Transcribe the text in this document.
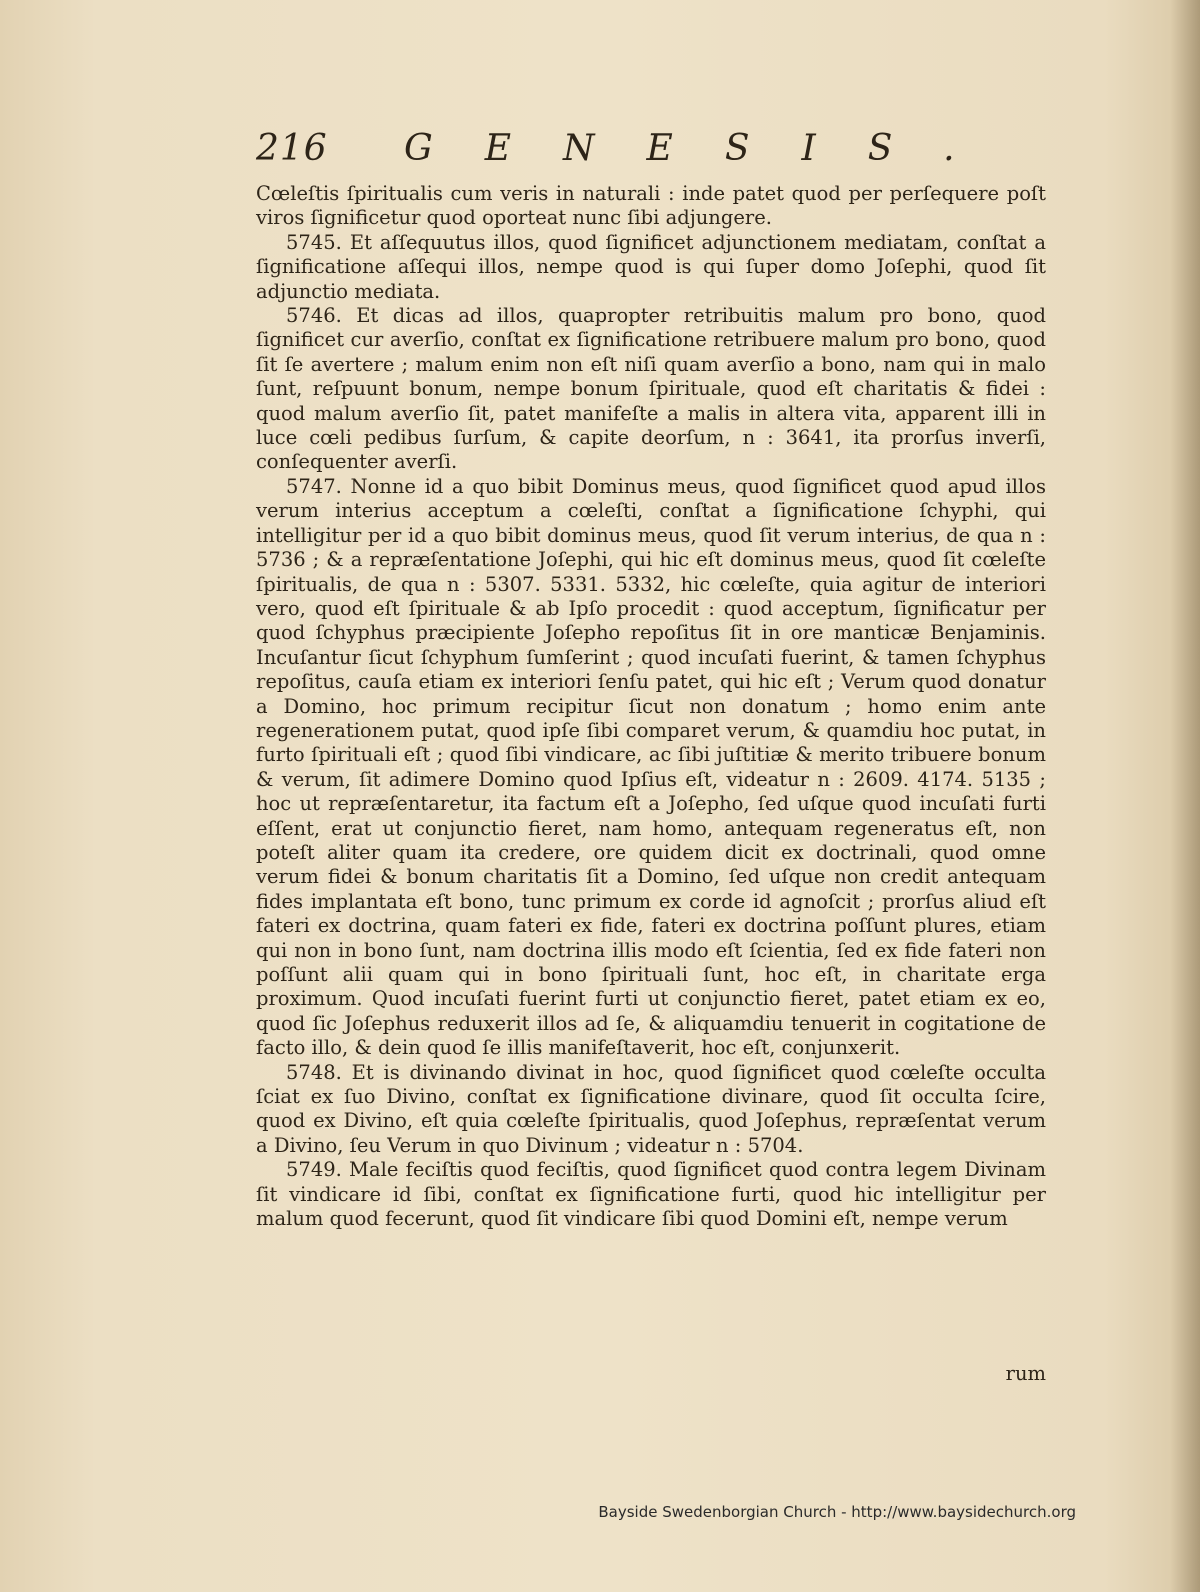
216 GENESIS.

Cœleſtis ſpiritualis cum veris in naturali : inde patet quod per perſequere poſt viros ſignificetur quod oporteat nunc ſibi adjungere.

5745. Et aſſequutus illos, quod ſignificet adjunctionem mediatam, conſtat a ſignificatione aſſequi illos, nempe quod is qui ſuper domo Joſephi, quod ſit adjunctio mediata.

5746. Et dicas ad illos, quapropter retribuitis malum pro bono, quod ſignificet cur averſio, conſtat ex ſignificatione retribuere malum pro bono, quod ſit ſe avertere ; malum enim non eſt niſi quam averſio a bono, nam qui in malo ſunt, reſpuunt bonum, nempe bonum ſpirituale, quod eſt charitatis & fidei : quod malum averſio ſit, patet manifeſte a malis in altera vita, apparent illi in luce cœli pedibus ſurſum, & capite deorſum, n : 3641, ita prorſus inverſi, conſequenter averſi.

5747. Nonne id a quo bibit Dominus meus, quod ſignificet quod apud illos verum interius acceptum a cœleſti, conſtat a ſignificatione ſchyphi, qui intelligitur per id a quo bibit dominus meus, quod ſit verum interius, de qua n : 5736 ; & a repræſentatione Joſephi, qui hic eſt dominus meus, quod ſit cœleſte ſpiritualis, de qua n : 5307. 5331. 5332, hic cœleſte, quia agitur de interiori vero, quod eſt ſpirituale & ab Ipſo procedit : quod acceptum, ſignificatur per quod ſchyphus præcipiente Joſepho repoſitus ſit in ore manticæ Benjaminis. Incuſantur ſicut ſchyphum ſumſerint ; quod incuſati fuerint, & tamen ſchyphus repoſitus, cauſa etiam ex interiori ſenſu patet, qui hic eſt ; Verum quod donatur a Domino, hoc primum recipitur ſicut non donatum ; homo enim ante regenerationem putat, quod ipſe ſibi comparet verum, & quamdiu hoc putat, in furto ſpirituali eſt ; quod ſibi vindicare, ac ſibi juſtitiæ & merito tribuere bonum & verum, ſit adimere Domino quod Ipſius eſt, videatur n : 2609. 4174. 5135 ; hoc ut repræſentaretur, ita factum eſt a Joſepho, ſed uſque quod incuſati furti eſſent, erat ut conjunctio fieret, nam homo, antequam regeneratus eſt, non poteſt aliter quam ita credere, ore quidem dicit ex doctrinali, quod omne verum fidei & bonum charitatis ſit a Domino, ſed uſque non credit antequam fides implantata eſt bono, tunc primum ex corde id agnoſcit ; prorſus aliud eſt fateri ex doctrina, quam fateri ex fide, fateri ex doctrina poſſunt plures, etiam qui non in bono ſunt, nam doctrina illis modo eſt ſcientia, ſed ex fide fateri non poſſunt alii quam qui in bono ſpirituali ſunt, hoc eſt, in charitate erga proximum. Quod incuſati fuerint furti ut conjunctio fieret, patet etiam ex eo, quod ſic Joſephus reduxerit illos ad ſe, & aliquamdiu tenuerit in cogitatione de facto illo, & dein quod ſe illis manifeſtaverit, hoc eſt, conjunxerit.

5748. Et is divinando divinat in hoc, quod ſignificet quod cœleſte occulta ſciat ex ſuo Divino, conſtat ex ſignificatione divinare, quod ſit occulta ſcire, quod ex Divino, eſt quia cœleſte ſpiritualis, quod Joſephus, repræſentat verum a Divino, ſeu Verum in quo Divinum ; videatur n : 5704.

5749. Male feciſtis quod feciſtis, quod ſignificet quod contra legem Divinam ſit vindicare id ſibi, conſtat ex ſignificatione furti, quod hic intelligitur per malum quod fecerunt, quod ſit vindicare ſibi quod Domini eſt, nempe verum

rum
Bayside Swedenborgian Church - http://www.baysidechurch.org
